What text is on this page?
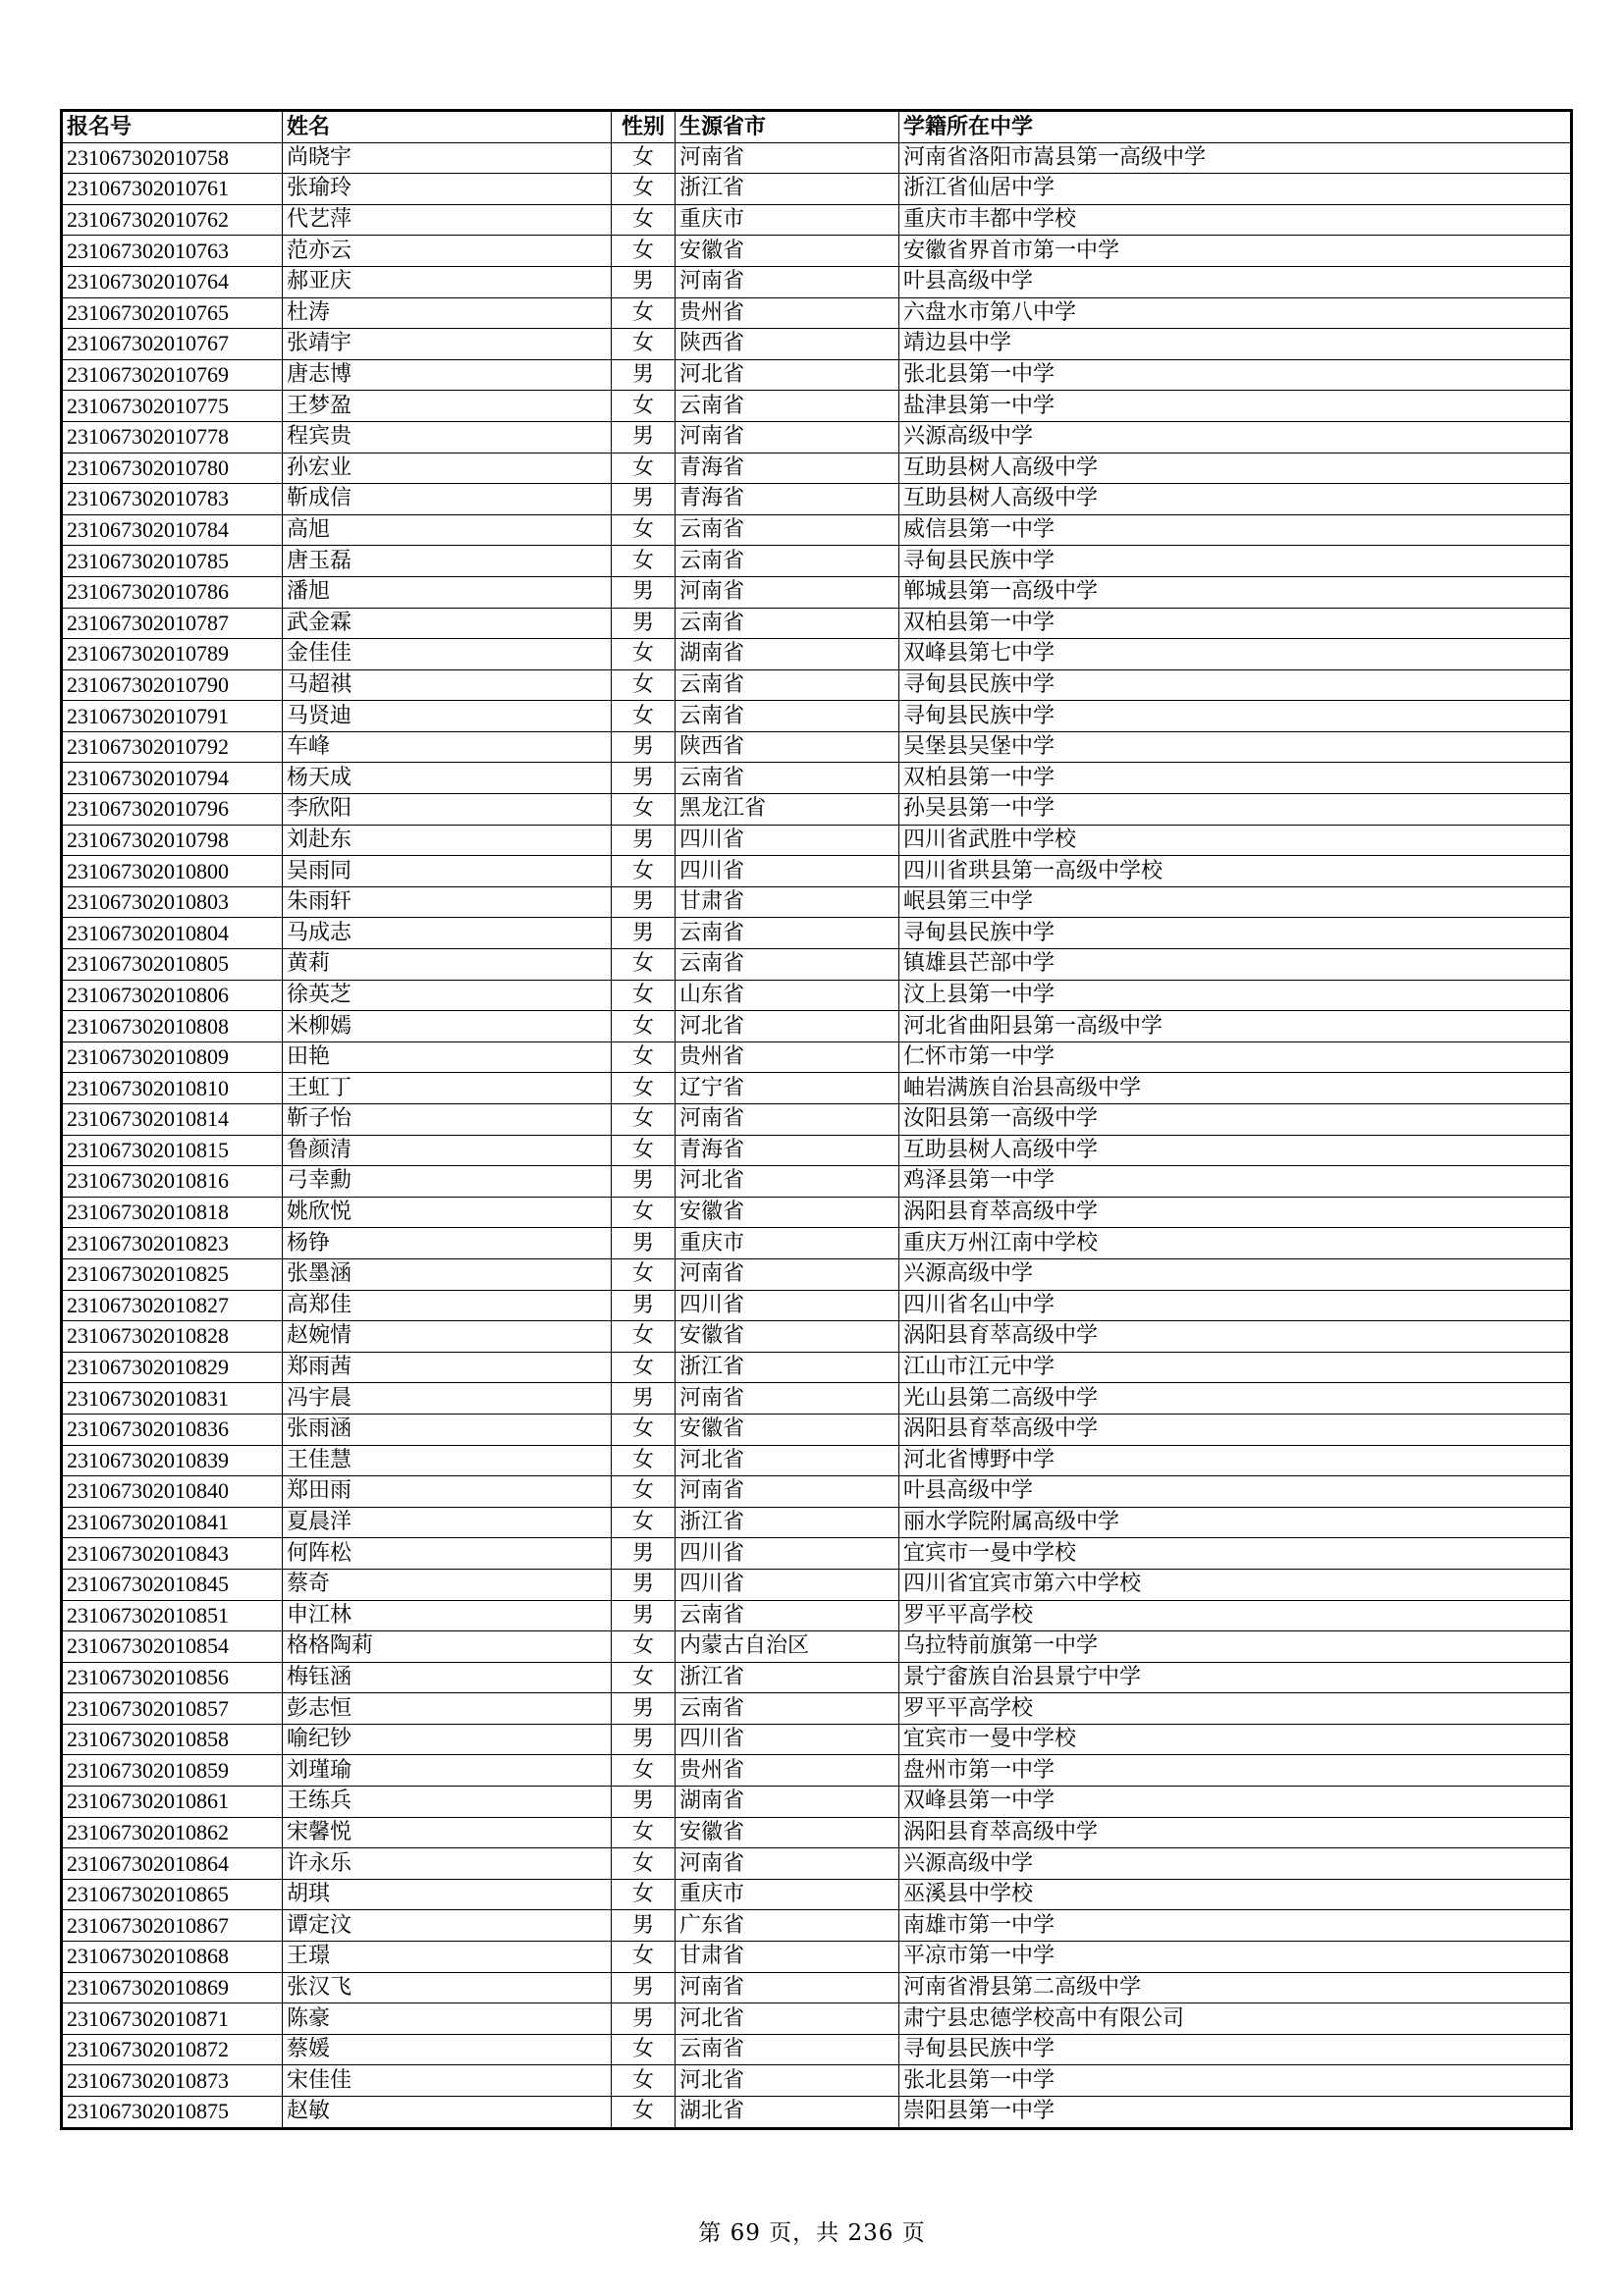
报名号	姓名	性别	生源省市	学籍所在中学
231067302010758	尚晓宇	女	河南省	河南省洛阳市嵩县第一高级中学
231067302010761	张瑜玲	女	浙江省	浙江省仙居中学
231067302010762	代艺萍	女	重庆市	重庆市丰都中学校
231067302010763	范亦云	女	安徽省	安徽省界首市第一中学
231067302010764	郝亚庆	男	河南省	叶县高级中学
231067302010765	杜涛	女	贵州省	六盘水市第八中学
231067302010767	张靖宇	女	陕西省	靖边县中学
231067302010769	唐志博	男	河北省	张北县第一中学
231067302010775	王梦盈	女	云南省	盐津县第一中学
231067302010778	程宾贵	男	河南省	兴源高级中学
231067302010780	孙宏业	女	青海省	互助县树人高级中学
231067302010783	靳成信	男	青海省	互助县树人高级中学
231067302010784	高旭	女	云南省	威信县第一中学
231067302010785	唐玉磊	女	云南省	寻甸县民族中学
231067302010786	潘旭	男	河南省	郸城县第一高级中学
231067302010787	武金霖	男	云南省	双柏县第一中学
231067302010789	金佳佳	女	湖南省	双峰县第七中学
231067302010790	马超祺	女	云南省	寻甸县民族中学
231067302010791	马贤迪	女	云南省	寻甸县民族中学
231067302010792	车峰	男	陕西省	吴堡县吴堡中学
231067302010794	杨天成	男	云南省	双柏县第一中学
231067302010796	李欣阳	女	黑龙江省	孙吴县第一中学
231067302010798	刘赴东	男	四川省	四川省武胜中学校
231067302010800	吴雨同	女	四川省	四川省珙县第一高级中学校
231067302010803	朱雨轩	男	甘肃省	岷县第三中学
231067302010804	马成志	男	云南省	寻甸县民族中学
231067302010805	黄莉	女	云南省	镇雄县芒部中学
231067302010806	徐英芝	女	山东省	汶上县第一中学
231067302010808	米柳嫣	女	河北省	河北省曲阳县第一高级中学
231067302010809	田艳	女	贵州省	仁怀市第一中学
231067302010810	王虹丁	女	辽宁省	岫岩满族自治县高级中学
231067302010814	靳子怡	女	河南省	汝阳县第一高级中学
231067302010815	鲁颜清	女	青海省	互助县树人高级中学
231067302010816	弓幸勳	男	河北省	鸡泽县第一中学
231067302010818	姚欣悦	女	安徽省	涡阳县育萃高级中学
231067302010823	杨铮	男	重庆市	重庆万州江南中学校
231067302010825	张墨涵	女	河南省	兴源高级中学
231067302010827	高郑佳	男	四川省	四川省名山中学
231067302010828	赵婉情	女	安徽省	涡阳县育萃高级中学
231067302010829	郑雨茜	女	浙江省	江山市江元中学
231067302010831	冯宇晨	男	河南省	光山县第二高级中学
231067302010836	张雨涵	女	安徽省	涡阳县育萃高级中学
231067302010839	王佳慧	女	河北省	河北省博野中学
231067302010840	郑田雨	女	河南省	叶县高级中学
231067302010841	夏晨洋	女	浙江省	丽水学院附属高级中学
231067302010843	何阵松	男	四川省	宜宾市一曼中学校
231067302010845	蔡奇	男	四川省	四川省宜宾市第六中学校
231067302010851	申江林	男	云南省	罗平平高学校
231067302010854	格格陶莉	女	内蒙古自治区	乌拉特前旗第一中学
231067302010856	梅钰涵	女	浙江省	景宁畲族自治县景宁中学
231067302010857	彭志恒	男	云南省	罗平平高学校
231067302010858	喻纪钞	男	四川省	宜宾市一曼中学校
231067302010859	刘瑾瑜	女	贵州省	盘州市第一中学
231067302010861	王练兵	男	湖南省	双峰县第一中学
231067302010862	宋馨悦	女	安徽省	涡阳县育萃高级中学
231067302010864	许永乐	女	河南省	兴源高级中学
231067302010865	胡琪	女	重庆市	巫溪县中学校
231067302010867	谭定汶	男	广东省	南雄市第一中学
231067302010868	王璟	女	甘肃省	平凉市第一中学
231067302010869	张汉飞	男	河南省	河南省滑县第二高级中学
231067302010871	陈豪	男	河北省	肃宁县忠德学校高中有限公司
231067302010872	蔡媛	女	云南省	寻甸县民族中学
231067302010873	宋佳佳	女	河北省	张北县第一中学
231067302010875	赵敏	女	湖北省	崇阳县第一中学
第 69 页，共 236 页
